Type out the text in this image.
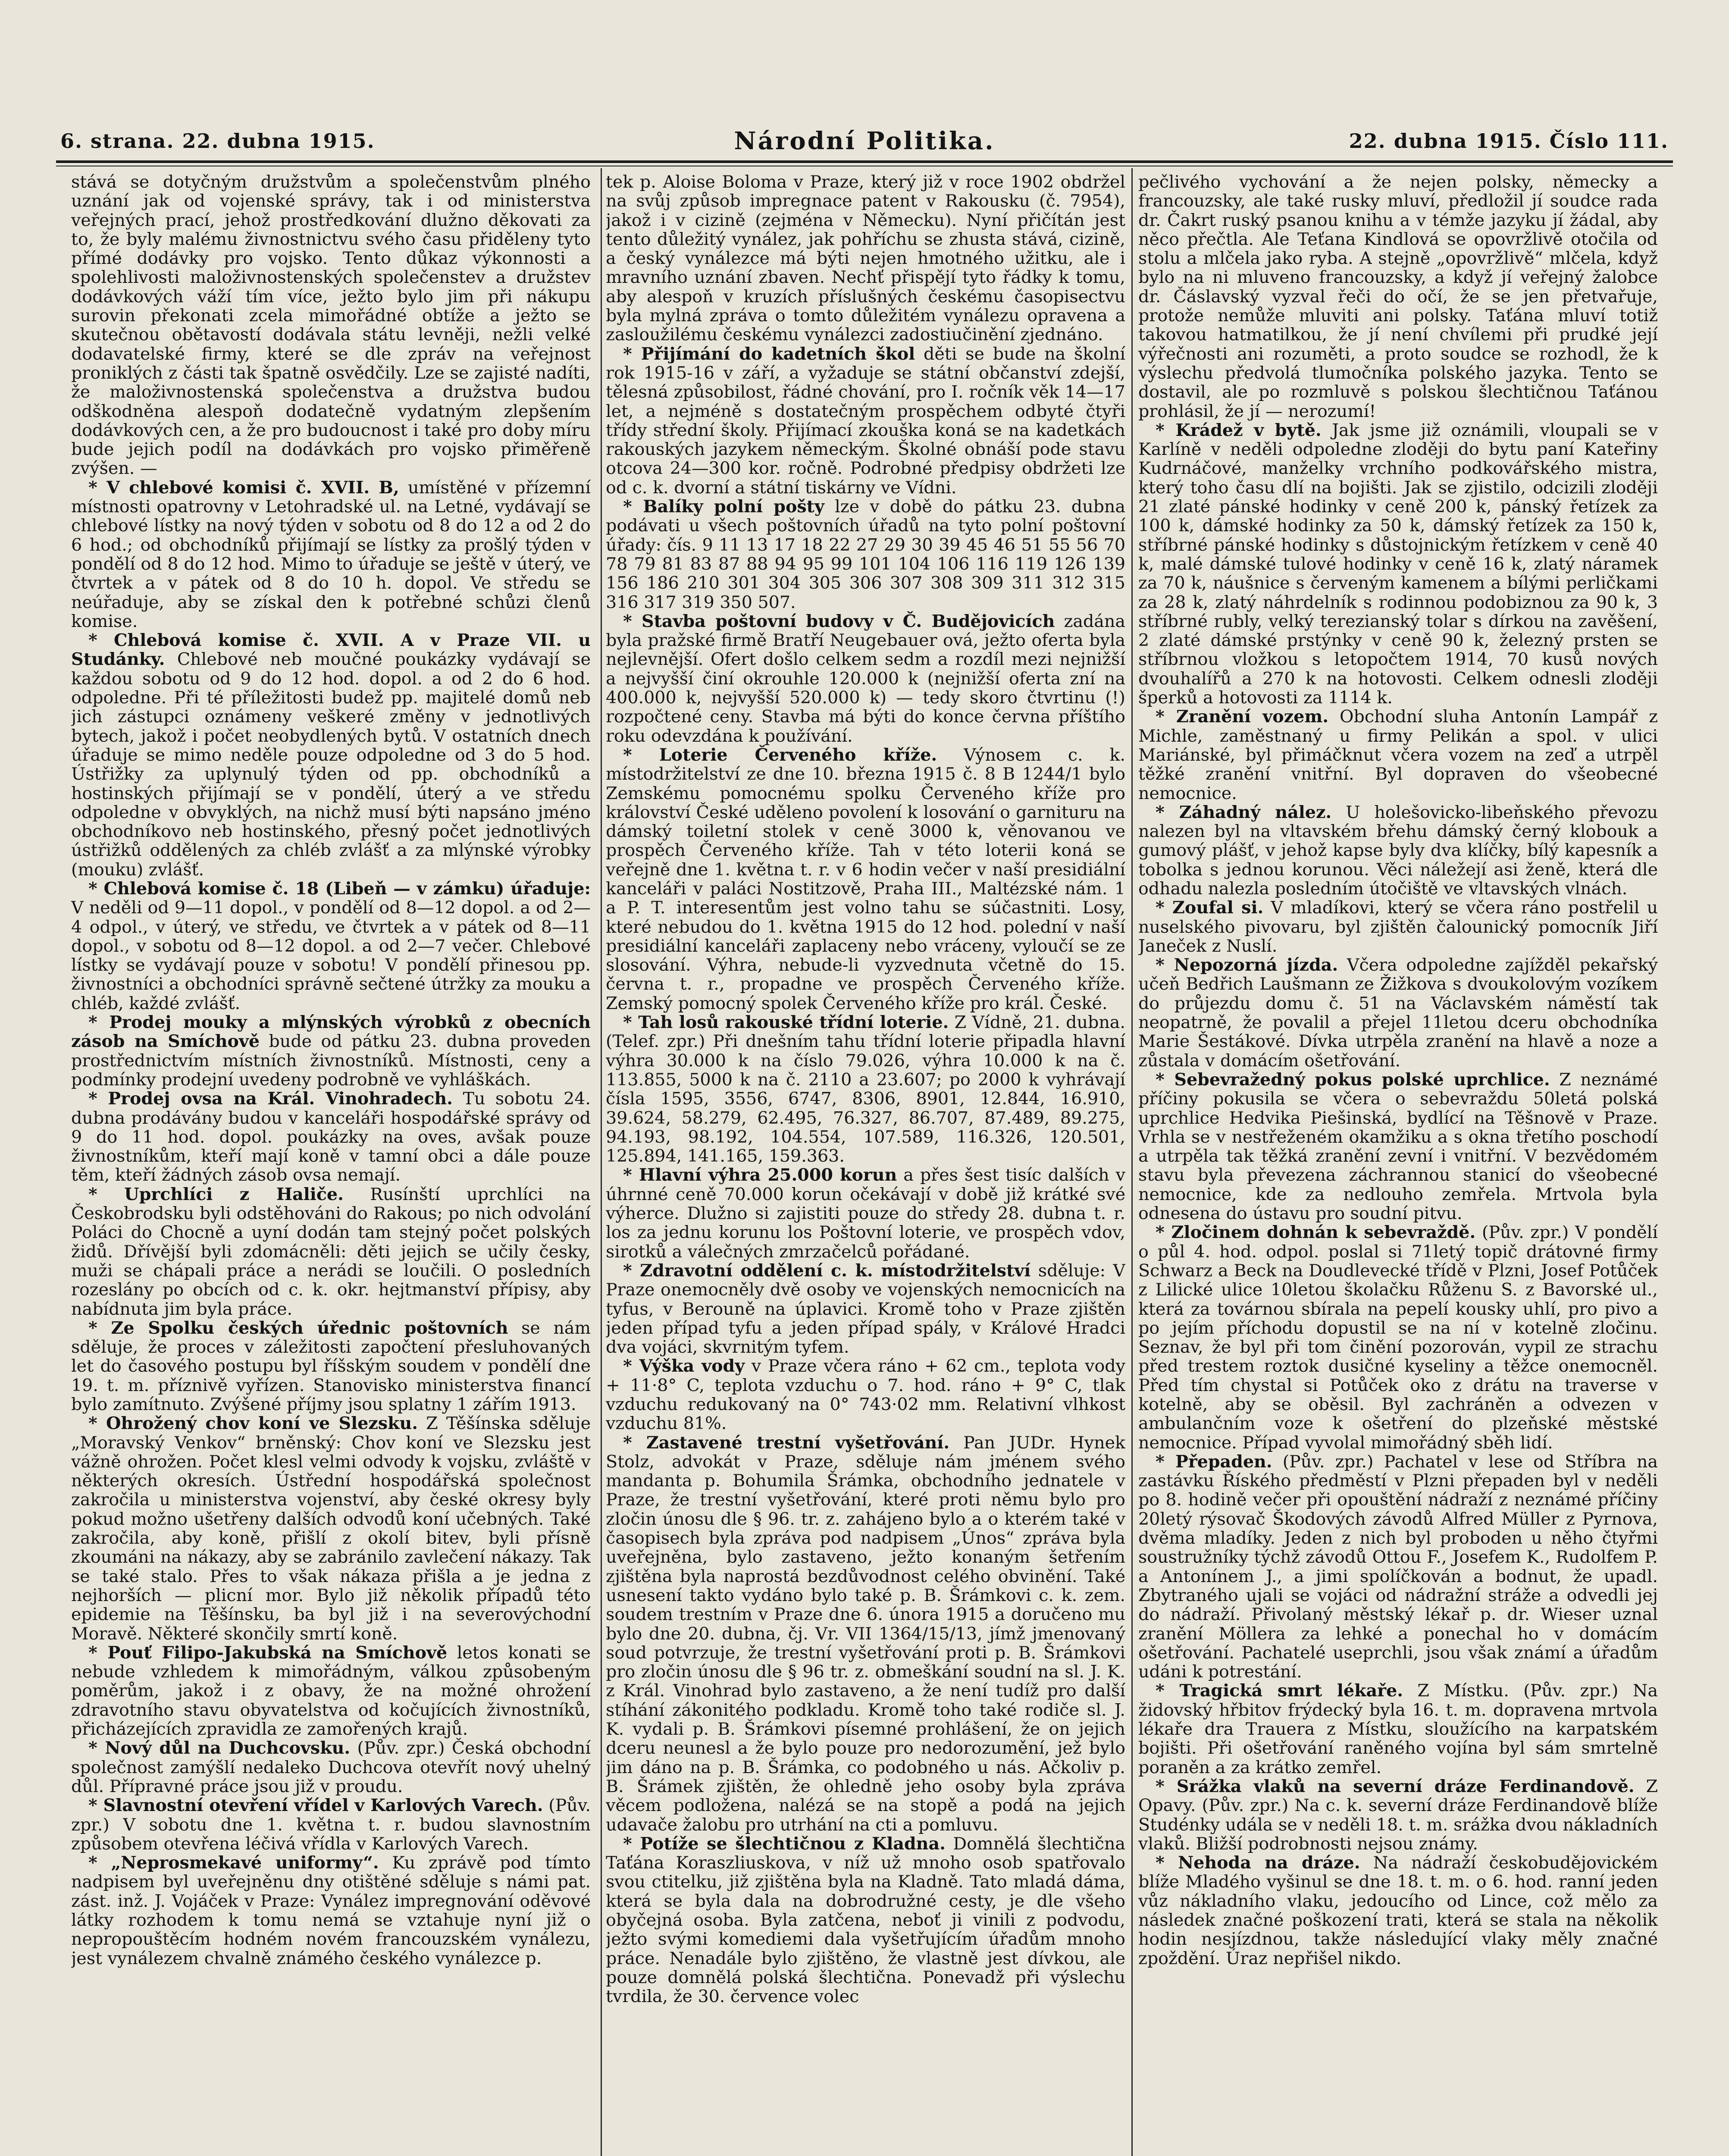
6. strana. 22. dubna 1915.	Národní Politika.	22. dubna 1915. Číslo 111.

stává se dotyčným družstvům a společenstvům plného uznání jak od vojenské správy, tak i od ministerstva veřejných prací, jehož prostředkování dlužno děkovati za to, že byly malému živnostnictvu svého času přiděleny tyto přímé dodávky pro vojsko. Tento důkaz výkonnosti a spolehlivosti maloživnostenských společenstev a družstev dodávkových váží tím více, ježto bylo jim při nákupu surovin překonati zcela mimořádné obtíže a ježto se skutečnou obětavostí dodávala státu levněji, nežli velké dodavatelské firmy, které se dle zpráv na veřejnost proniklých z části tak špatně osvědčily. Lze se zajisté nadíti, že maloživnostenská společenstva a družstva budou odškodněna alespoň dodatečně vydatným zlepšením dodávkových cen, a že pro budoucnost i také pro doby míru bude jejich podíl na dodávkách pro vojsko přiměřeně zvýšen. —

* V chlebové komisi č. XVII. B, umístěné v přízemní místnosti opatrovny v Letohradské ul. na Letné, vydávají se chlebové lístky na nový týden v sobotu od 8 do 12 a od 2 do 6 hod.; od obchodníků přijímají se lístky za prošlý týden v pondělí od 8 do 12 hod. Mimo to úřaduje se ještě v úterý, ve čtvrtek a v pátek od 8 do 10 h. dopol. Ve středu se neúřaduje, aby se získal den k potřebné schůzi členů komise.

* Chlebová komise č. XVII. A v Praze VII. u Studánky. Chlebové neb moučné poukázky vydávají se každou sobotu od 9 do 12 hod. dopol. a od 2 do 6 hod. odpoledne. Při té příležitosti budež pp. majitelé domů neb jich zástupci oznámeny veškeré změny v jednotlivých bytech, jakož i počet neobydlených bytů. V ostatních dnech úřaduje se mimo neděle pouze odpoledne od 3 do 5 hod. Ústřižky za uplynulý týden od pp. obchodníků a hostinských přijímají se v pondělí, úterý a ve středu odpoledne v obvyklých, na nichž musí býti napsáno jméno obchodníkovo neb hostinského, přesný počet jednotlivých ústřižků oddělených za chléb zvlášť a za mlýnské výrobky (mouku) zvlášť.

* Chlebová komise č. 18 (Libeň — v zámku) úřaduje: V neděli od 9—11 dopol., v pondělí od 8—12 dopol. a od 2—4 odpol., v úterý, ve středu, ve čtvrtek a v pátek od 8—11 dopol., v sobotu od 8—12 dopol. a od 2—7 večer. Chlebové lístky se vydávají pouze v sobotu! V pondělí přinesou pp. živnostníci a obchodníci správně sečtené útržky za mouku a chléb, každé zvlášť.

* Prodej mouky a mlýnských výrobků z obecních zásob na Smíchově bude od pátku 23. dubna proveden prostřednictvím místních živnostníků. Místnosti, ceny a podmínky prodejní uvedeny podrobně ve vyhláškách.

* Prodej ovsa na Král. Vinohradech. Tu sobotu 24. dubna prodávány budou v kanceláři hospodářské správy od 9 do 11 hod. dopol. poukázky na oves, avšak pouze živnostníkům, kteří mají koně v tamní obci a dále pouze těm, kteří žádných zásob ovsa nemají.

* Uprchlíci z Haliče. Rusínští uprchlíci na Českobrodsku byli odstěhováni do Rakous; po nich odvolání Poláci do Chocně a uyní dodán tam stejný počet polských židů. Dřívější byli zdomácněli: děti jejich se učily česky, muži se chápali práce a nerádi se loučili. O posledních rozeslány po obcích od c. k. okr. hejtmanství přípisy, aby nabídnuta jim byla práce.

* Ze Spolku českých úřednic poštovních se nám sděluje, že proces v záležitosti započtení přesluhovaných let do časového postupu byl říšským soudem v pondělí dne 19. t. m. příznivě vyřízen. Stanovisko ministerstva financí bylo zamítnuto. Zvýšené příjmy jsou splatny 1 zářím 1913.

* Ohrožený chov koní ve Slezsku. Z Těšínska sděluje „Moravský Venkov“ brněnský: Chov koní ve Slezsku jest vážně ohrožen. Počet klesl velmi odvody k vojsku, zvláště v některých okresích. Ústřední hospodářská společnost zakročila u ministerstva vojenství, aby české okresy byly pokud možno ušetřeny dalších odvodů koní učebných. Také zakročila, aby koně, přišlí z okolí bitev, byli přísně zkoumáni na nákazy, aby se zabránilo zavlečení nákazy. Tak se také stalo. Přes to však nákaza přišla a je jedna z nejhorších — plicní mor. Bylo již několik případů této epidemie na Těšínsku, ba byl již i na severovýchodní Moravě. Některé skončily smrtí koně.

* Pouť Filipo-Jakubská na Smíchově letos konati se nebude vzhledem k mimořádným, válkou způsobeným poměrům, jakož i z obavy, že na možné ohrožení zdravotního stavu obyvatelstva od kočujících živnostníků, přicházejících zpravidla ze zamořených krajů.

* Nový důl na Duchcovsku. (Pův. zpr.) Česká obchodní společnost zamýšlí nedaleko Duchcova otevřít nový uhelný důl. Přípravné práce jsou již v proudu.

* Slavnostní otevření vřídel v Karlových Varech. (Pův. zpr.) V sobotu dne 1. května t. r. budou slavnostním způsobem otevřena léčivá vřídla v Karlových Varech.

* „Neprosmekavé uniformy“. Ku zprávě pod tímto nadpisem byl uveřejněnu dny otištěné sděluje s námi pat. zást. inž. J. Vojáček v Praze: Vynález impregnování oděvové látky rozhodem k tomu nemá se vztahuje nyní již o nepropouštěcím hodném novém francouzském vynálezu, jest vynálezem chvalně známého českého vynálezce p.

tek p. Aloise Boloma v Praze, který již v roce 1902 obdržel na svůj způsob impregnace patent v Rakousku (č. 7954), jakož i v cizině (zejména v Německu). Nyní přičítán jest tento důležitý vynález, jak pohříchu se zhusta stává, cizině, a český vynálezce má býti nejen hmotného užitku, ale i mravního uznání zbaven. Nechť přispějí tyto řádky k tomu, aby alespoň v kruzích příslušných českému časopisectvu byla mylná zpráva o tomto důležitém vynálezu opravena a zasloužilému českému vynálezci zadostiučinění zjednáno.

* Přijímání do kadetních škol děti se bude na školní rok 1915-16 v září, a vyžaduje se státní občanství zdejší, tělesná způsobilost, řádné chování, pro I. ročník věk 14—17 let, a nejméně s dostatečným prospěchem odbyté čtyři třídy střední školy. Přijímací zkouška koná se na kadetkách rakouských jazykem německým. Školné obnáší pode stavu otcova 24—300 kor. ročně. Podrobné předpisy obdržeti lze od c. k. dvorní a státní tiskárny ve Vídni.

* Balíky polní pošty lze v době do pátku 23. dubna podávati u všech poštovních úřadů na tyto polní poštovní úřady: čís. 9 11 13 17 18 22 27 29 30 39 45 46 51 55 56 70 78 79 81 83 87 88 94 95 99 101 104 106 116 119 126 139 156 186 210 301 304 305 306 307 308 309 311 312 315 316 317 319 350 507.

* Stavba poštovní budovy v Č. Budějovicích zadána byla pražské firmě Bratří Neugebauer ová, ježto oferta byla nejlevnější. Ofert došlo celkem sedm a rozdíl mezi nejnižší a nejvyšší činí okrouhle 120.000 k (nejnižší oferta zní na 400.000 k, nejvyšší 520.000 k) — tedy skoro čtvrtinu (!) rozpočtené ceny. Stavba má býti do konce června příštího roku odevzdána k používání.

* Loterie Červeného kříže. Výnosem c. k. místodržitelství ze dne 10. března 1915 č. 8 B 1244/1 bylo Zemskému pomocnému spolku Červeného kříže pro království České uděleno povolení k losování o garnituru na dámský toiletní stolek v ceně 3000 k, věnovanou ve prospěch Červeného kříže. Tah v této loterii koná se veřejně dne 1. května t. r. v 6 hodin večer v naší presidiální kanceláři v paláci Nostitzově, Praha III., Maltézské nám. 1 a P. T. interesentům jest volno tahu se súčastniti. Losy, které nebudou do 1. května 1915 do 12 hod. polední v naší presidiální kanceláři zaplaceny nebo vráceny, vyloučí se ze slosování. Výhra, nebude-li vyzvednuta včetně do 15. června t. r., propadne ve prospěch Červeného kříže. Zemský pomocný spolek Červeného kříže pro král. České.

* Tah losů rakouské třídní loterie. Z Vídně, 21. dubna. (Telef. zpr.) Při dnešním tahu třídní loterie připadla hlavní výhra 30.000 k na číslo 79.026, výhra 10.000 k na č. 113.855, 5000 k na č. 2110 a 23.607; po 2000 k vyhrávají čísla 1595, 3556, 6747, 8306, 8901, 12.844, 16.910, 39.624, 58.279, 62.495, 76.327, 86.707, 87.489, 89.275, 94.193, 98.192, 104.554, 107.589, 116.326, 120.501, 125.894, 141.165, 159.363.

* Hlavní výhra 25.000 korun a přes šest tisíc dalších v úhrnné ceně 70.000 korun očekávají v době již krátké své výherce. Dlužno si zajistiti pouze do středy 28. dubna t. r. los za jednu korunu los Poštovní loterie, ve prospěch vdov, sirotků a válečných zmrzačelců pořádané.

* Zdravotní oddělení c. k. místodržitelství sděluje: V Praze onemocněly dvě osoby ve vojenských nemocnicích na tyfus, v Berouně na úplavici. Kromě toho v Praze zjištěn jeden případ tyfu a jeden případ spály, v Králové Hradci dva vojáci, skvrnitým tyfem.

* Výška vody v Praze včera ráno + 62 cm., teplota vody + 11·8° C, teplota vzduchu o 7. hod. ráno + 9° C, tlak vzduchu redukovaný na 0° 743·02 mm. Relativní vlhkost vzduchu 81%.

* Zastavené trestní vyšetřování. Pan JUDr. Hynek Stolz, advokát v Praze, sděluje nám jménem svého mandanta p. Bohumila Šrámka, obchodního jednatele v Praze, že trestní vyšetřování, které proti němu bylo pro zločin únosu dle § 96. tr. z. zahájeno bylo a o kterém také v časopisech byla zpráva pod nadpisem „Únos“ zpráva byla uveřejněna, bylo zastaveno, ježto konaným šetřením zjištěna byla naprostá bezdůvodnost celého obvinění. Také usnesení takto vydáno bylo také p. B. Šrámkovi c. k. zem. soudem trestním v Praze dne 6. února 1915 a doručeno mu bylo dne 20. dubna, čj. Vr. VII 1364/15/13, jímž jmenovaný soud potvrzuje, že trestní vyšetřování proti p. B. Šrámkovi pro zločin únosu dle § 96 tr. z. obmeškání soudní na sl. J. K. z Král. Vinohrad bylo zastaveno, a že není tudíž pro další stíhání zákonitého podkladu. Kromě toho také rodiče sl. J. K. vydali p. B. Šrámkovi písemné prohlášení, že on jejich dceru neunesl a že bylo pouze pro nedorozumění, jež bylo jim dáno na p. B. Šrámka, co podobného u nás. Ačkoliv p. B. Šrámek zjištěn, že ohledně jeho osoby byla zpráva věcem podložena, nalézá se na stopě a podá na jejich udavače žalobu pro utrhání na cti a pomluvu.

* Potíže se šlechtičnou z Kladna. Domnělá šlechtična Taťána Koraszliuskova, v níž už mnoho osob spatřovalo svou ctitelku, již zjištěna byla na Kladně. Tato mladá dáma, která se byla dala na dobrodružné cesty, je dle všeho obyčejná osoba. Byla zatčena, neboť ji vinili z podvodu, ježto svými komediemi dala vyšetřujícím úřadům mnoho práce. Nenadále bylo zjištěno, že vlastně jest dívkou, ale pouze domnělá polská šlechtična. Ponevadž při výslechu tvrdila, že 30. července volec

pečlivého vychování a že nejen polsky, německy a francouzsky, ale také rusky mluví, předložil jí soudce rada dr. Čakrt ruský psanou knihu a v témže jazyku jí žádal, aby něco přečtla. Ale Teťana Kindlová se opovržlivě otočila od stolu a mlčela jako ryba. A stejně „opovržlivě“ mlčela, když bylo na ni mluveno francouzsky, a když jí veřejný žalobce dr. Čáslavský vyzval řeči do očí, že se jen přetvařuje, protože nemůže mluviti ani polsky. Taťána mluví totiž takovou hatmatilkou, že jí není chvílemi při prudké její výřečnosti ani rozuměti, a proto soudce se rozhodl, že k výslechu předvolá tlumočníka polského jazyka. Tento se dostavil, ale po rozmluvě s polskou šlechtičnou Taťánou prohlásil, že jí — nerozumí!

* Krádež v bytě. Jak jsme již oznámili, vloupali se v Karlíně v neděli odpoledne zloději do bytu paní Kateřiny Kudrnáčové, manželky vrchního podkovářského mistra, který toho času dlí na bojišti. Jak se zjistilo, odcizili zloději 21 zlaté pánské hodinky v ceně 200 k, pánský řetízek za 100 k, dámské hodinky za 50 k, dámský řetízek za 150 k, stříbrné pánské hodinky s důstojnickým řetízkem v ceně 40 k, malé dámské tulové hodinky v ceně 16 k, zlatý náramek za 70 k, náušnice s červeným kamenem a bílými perličkami za 28 k, zlatý náhrdelník s rodinnou podobiznou za 90 k, 3 stříbrné rubly, velký terezianský tolar s dírkou na zavěšení, 2 zlaté dámské prstýnky v ceně 90 k, železný prsten se stříbrnou vložkou s letopočtem 1914, 70 kusů nových dvouhalířů a 270 k na hotovosti. Celkem odnesli zloději šperků a hotovosti za 1114 k.

* Zranění vozem. Obchodní sluha Antonín Lampář z Michle, zaměstnaný u firmy Pelikán a spol. v ulici Mariánské, byl přimáčknut včera vozem na zeď a utrpěl těžké zranění vnitřní. Byl dopraven do všeobecné nemocnice.

* Záhadný nález. U holešovicko-libeňského převozu nalezen byl na vltavském břehu dámský černý klobouk a gumový plášť, v jehož kapse byly dva klíčky, bílý kapesník a tobolka s jednou korunou. Věci náležejí asi ženě, která dle odhadu nalezla posledním útočiště ve vltavských vlnách.

* Zoufal si. V mladíkovi, který se včera ráno postřelil u nuselského pivovaru, byl zjištěn čalounický pomocník Jiří Janeček z Nuslí.

* Nepozorná jízda. Včera odpoledne zajížděl pekařský učeň Bedřich Laušmann ze Žižkova s dvoukolovým vozíkem do průjezdu domu č. 51 na Václavském náměstí tak neopatrně, že povalil a přejel 11letou dceru obchodníka Marie Šestákové. Dívka utrpěla zranění na hlavě a noze a zůstala v domácím ošetřování.

* Sebevražedný pokus polské uprchlice. Z neznámé příčiny pokusila se včera o sebevraždu 50letá polská uprchlice Hedvika Piešinská, bydlící na Těšnově v Praze. Vrhla se v nestřeženém okamžiku a s okna třetího poschodí a utrpěla tak těžká zranění zevní i vnitřní. V bezvědomém stavu byla převezena záchrannou stanicí do všeobecné nemocnice, kde za nedlouho zemřela. Mrtvola byla odnesena do ústavu pro soudní pitvu.

* Zločinem dohnán k sebevraždě. (Pův. zpr.) V pondělí o půl 4. hod. odpol. poslal si 71letý topič drátovné firmy Schwarz a Beck na Doudlevecké třídě v Plzni, Josef Potůček z Lilické ulice 10letou školačku Růženu S. z Bavorské ul., která za továrnou sbírala na pepelí kousky uhlí, pro pivo a po jejím příchodu dopustil se na ní v kotelně zločinu. Seznav, že byl při tom činění pozorován, vypil ze strachu před trestem roztok dusičné kyseliny a těžce onemocněl. Před tím chystal si Potůček oko z drátu na traverse v kotelně, aby se oběsil. Byl zachráněn a odvezen v ambulančním voze k ošetření do plzeňské městské nemocnice. Případ vyvolal mimořádný sběh lidí.

* Přepaden. (Pův. zpr.) Pachatel v lese od Stříbra na zastávku Říského předměstí v Plzni přepaden byl v neděli po 8. hodině večer při opouštění nádraží z neznámé příčiny 20letý rýsovač Škodových závodů Alfred Müller z Pyrnova, dvěma mladíky. Jeden z nich byl proboden u něho čtyřmi soustružníky týchž závodů Ottou F., Josefem K., Rudolfem P. a Antonínem J., a jimi spolíčkován a bodnut, že upadl. Zbytraného ujali se vojáci od nádražní stráže a odvedli jej do nádraží. Přivolaný městský lékař p. dr. Wieser uznal zranění Möllera za lehké a ponechal ho v domácím ošetřování. Pachatelé useprchli, jsou však známí a úřadům udáni k potrestání.

* Tragická smrt lékaře. Z Místku. (Pův. zpr.) Na židovský hřbitov frýdecký byla 16. t. m. dopravena mrtvola lékaře dra Trauera z Místku, sloužícího na karpatském bojišti. Při ošetřování raněného vojína byl sám smrtelně poraněn a za krátko zemřel.

* Srážka vlaků na severní dráze Ferdinandově. Z Opavy. (Pův. zpr.) Na c. k. severní dráze Ferdinandově blíže Studénky udála se v neděli 18. t. m. srážka dvou nákladních vlaků. Bližší podrobnosti nejsou známy.

* Nehoda na dráze. Na nádraží českobudějovickém blíže Mladého vyšinul se dne 18. t. m. o 6. hod. ranní jeden vůz nákladního vlaku, jedoucího od Lince, což mělo za následek značné poškození trati, která se stala na několik hodin nesjízdnou, takže následující vlaky měly značné zpoždění. Úraz nepřišel nikdo.
